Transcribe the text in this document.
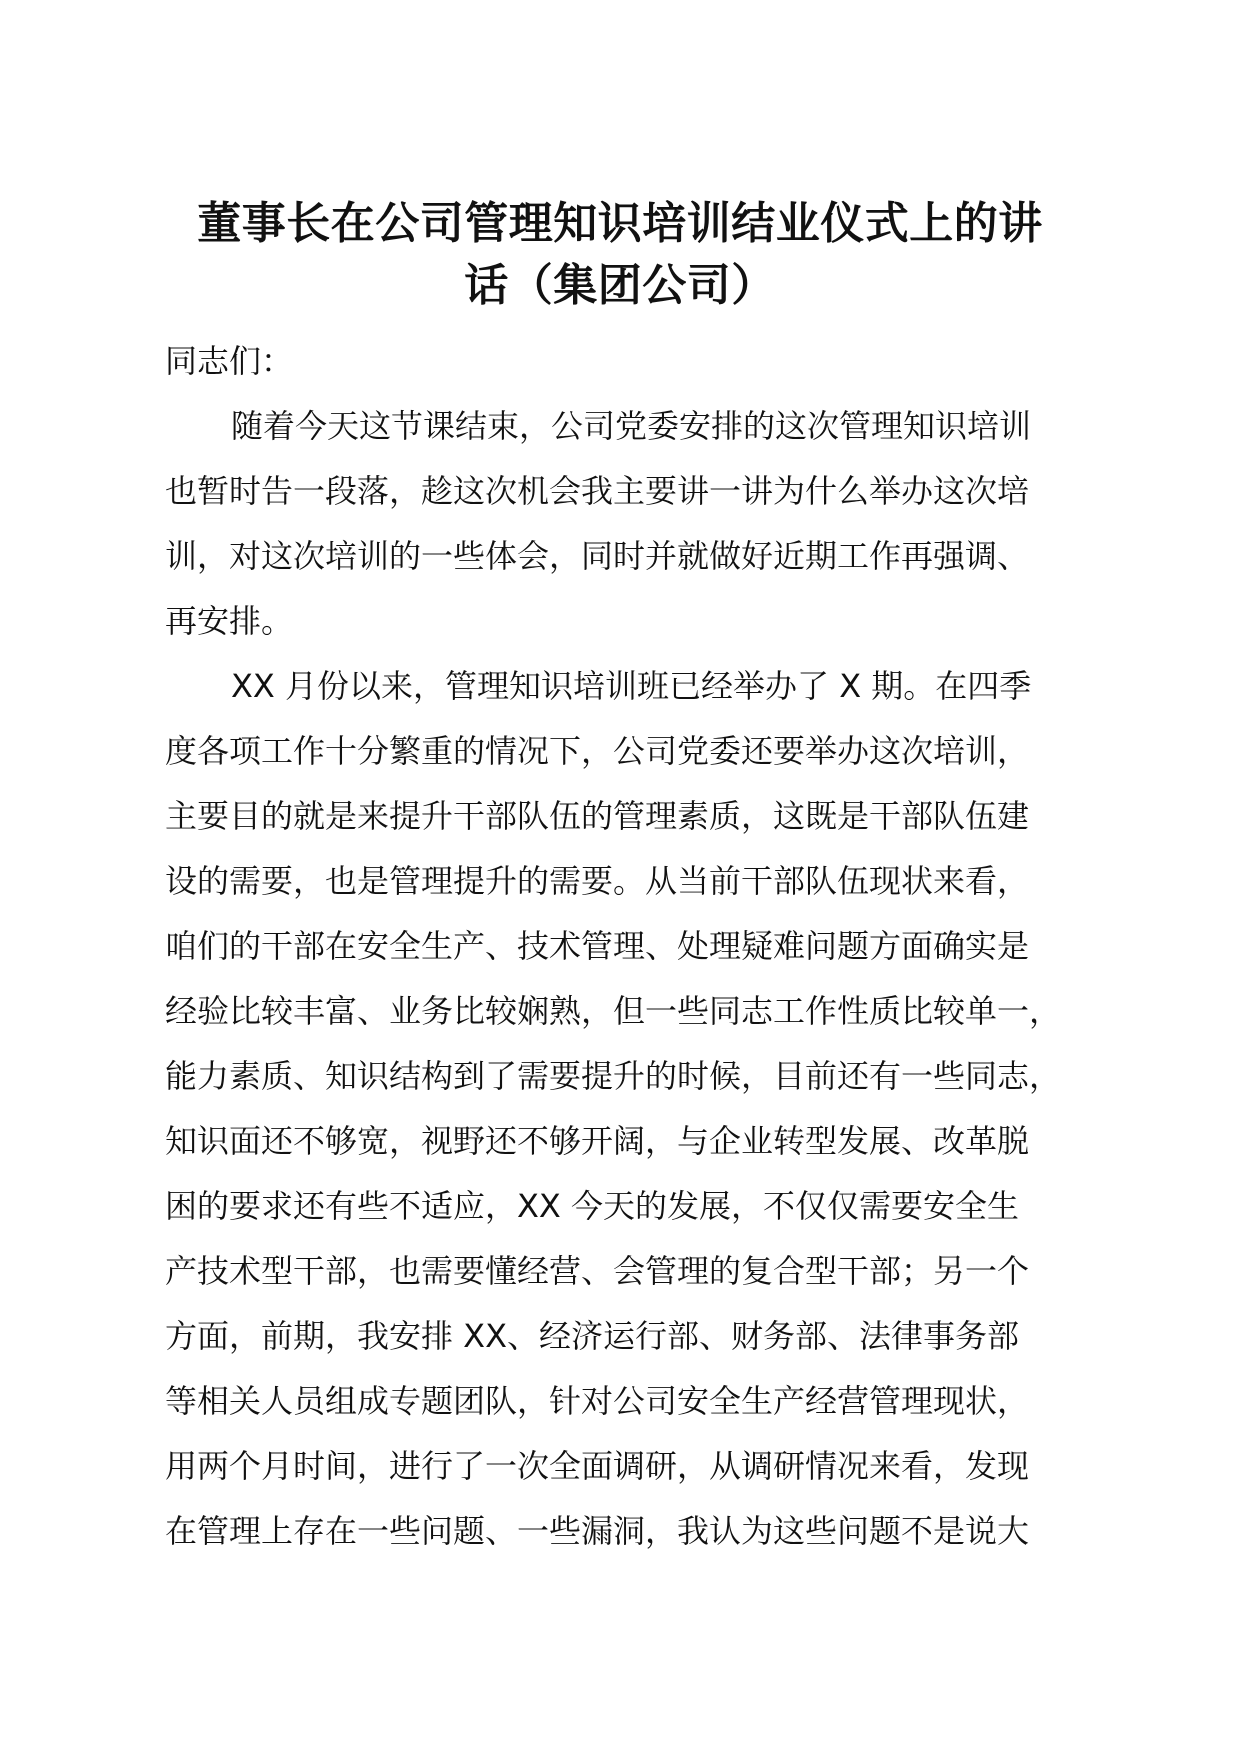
董事长在公司管理知识培训结业仪式上的讲
话（集团公司）
同志们：
随着今天这节课结束，公司党委安排的这次管理知识培训
也暂时告一段落，趁这次机会我主要讲一讲为什么举办这次培
训，对这次培训的一些体会，同时并就做好近期工作再强调、
再安排。
XX 月份以来，管理知识培训班已经举办了 X 期。在四季
度各项工作十分繁重的情况下，公司党委还要举办这次培训，
主要目的就是来提升干部队伍的管理素质，这既是干部队伍建
设的需要，也是管理提升的需要。从当前干部队伍现状来看，
咱们的干部在安全生产、技术管理、处理疑难问题方面确实是
经验比较丰富、业务比较娴熟，但一些同志工作性质比较单一，
能力素质、知识结构到了需要提升的时候，目前还有一些同志，
知识面还不够宽，视野还不够开阔，与企业转型发展、改革脱
困的要求还有些不适应，XX 今天的发展，不仅仅需要安全生
产技术型干部，也需要懂经营、会管理的复合型干部；另一个
方面，前期，我安排 XX、经济运行部、财务部、法律事务部
等相关人员组成专题团队，针对公司安全生产经营管理现状，
用两个月时间，进行了一次全面调研，从调研情况来看，发现
在管理上存在一些问题、一些漏洞，我认为这些问题不是说大
